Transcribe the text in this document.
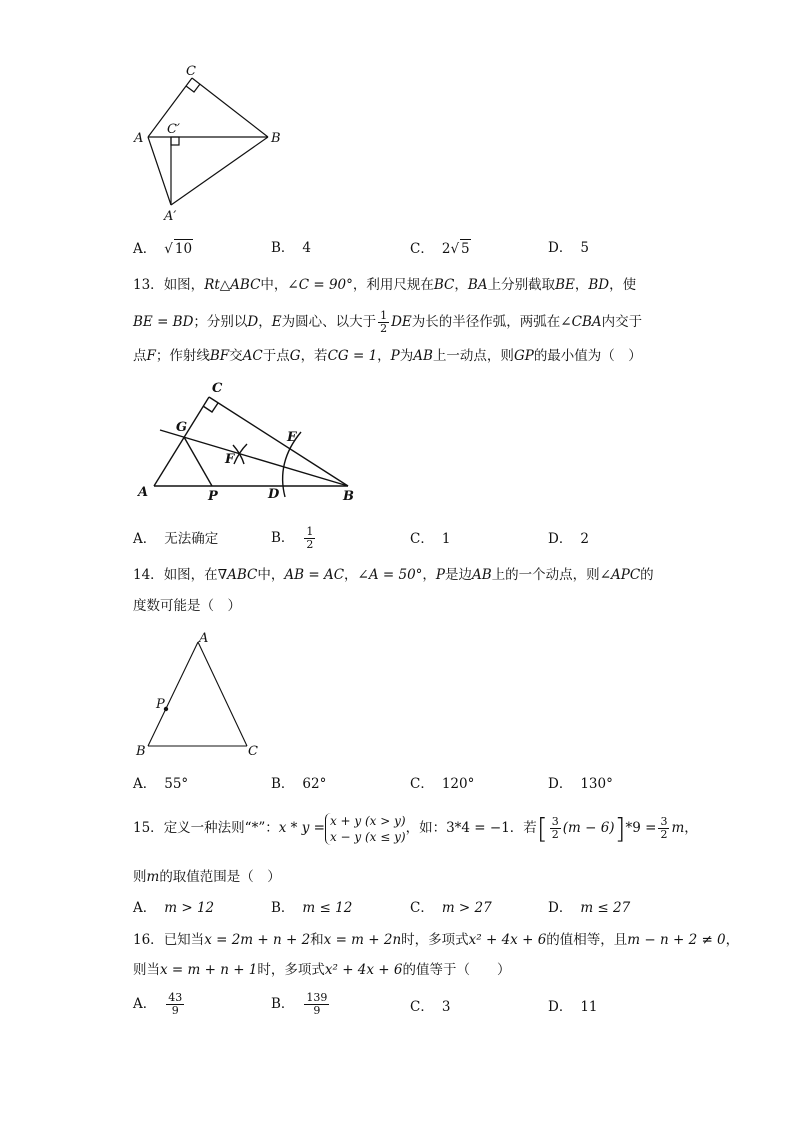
C
A
C′
B
A′
A． √ 10	B． 4	C． 2√ 5	D． 5
13．如图，Rt△ABC中，∠C = 90°，利用尺规在BC，BA上分别截取BE，BD，使
BE = BD；分别以D，E为圆心、以大于 $\frac{1}{2}$ DE为长的半径作弧，两弧在∠CBA内交于
点F；作射线BF交AC于点G，若CG = 1，P为AB上一动点，则GP的最小值为（　）
C
G
E
F
A	P	D	B
A． 无法确定	B． $\frac{1}{2}$	C． 1	D． 2
14．如图，在∇ABC中，AB = AC，∠A = 50°，P是边AB上的一个动点，则∠APC的
度数可能是（　）
A
P
B	C
A． 55°	B． 62°	C． 120°	D． 130°
15．定义一种法则“*”：x * y = x + y (x > y)
x − y (x ≤ y)
，如：3*4 = −1．若[ $\frac{3}{2} (m - 6)]*9 = \frac{3}{2}$ m，
则m的取值范围是（　）
A． m > 12	B． m ≤ 12	C． m > 27	D． m ≤ 27
16．已知当x = 2m + n + 2和x = m + 2n时，多项式x² + 4x + 6的值相等，且m − n + 2 ≠ 0，
则当x = m + n + 1时，多项式x² + 4x + 6的值等于（　　）
A． $\frac{43}{9}$	B． $\frac{139}{9}$	C． 3	D． 11
